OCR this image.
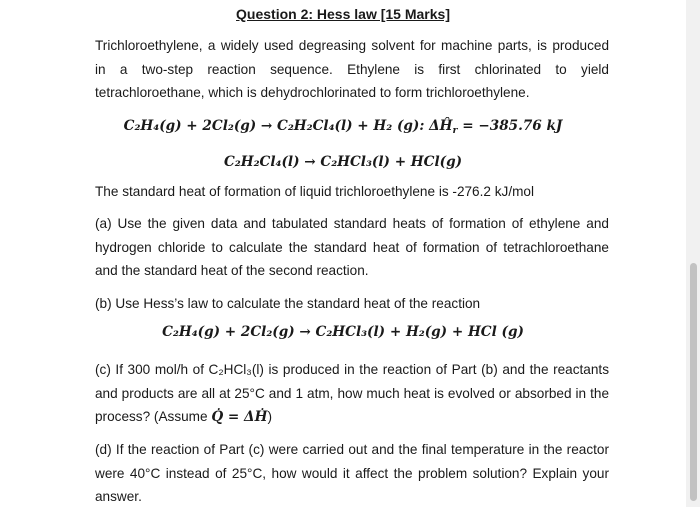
Question 2: Hess law [15 Marks]
Trichloroethylene, a widely used degreasing solvent for machine parts, is produced
in a two-step reaction sequence. Ethylene is first chlorinated to yield
tetrachloroethane, which is dehydrochlorinated to form trichloroethylene.
C₂H₄(g) + 2Cl₂(g) → C₂H₂Cl₄(l) + H₂ (g): $\Delta Ĥ_r = -385.76$ kJ
C₂H₂Cl₄(l) → C₂HCl₃(l) + HCl(g)
The standard heat of formation of liquid trichloroethylene is -276.2 kJ/mol
(a) Use the given data and tabulated standard heats of formation of ethylene and
hydrogen chloride to calculate the standard heat of formation of tetrachloroethane
and the standard heat of the second reaction.
(b) Use Hess’s law to calculate the standard heat of the reaction
C₂H₄(g) + 2Cl₂(g) → C₂HCl₃(l) + H₂(g) + HCl (g)
(c) If 300 mol/h of C₂HCl₃(l) is produced in the reaction of Part (b) and the reactants
and products are all at 25°C and 1 atm, how much heat is evolved or absorbed in the
process? (Assume Q̇ = ΔḢ)
(d) If the reaction of Part (c) were carried out and the final temperature in the reactor
were 40°C instead of 25°C, how would it affect the problem solution? Explain your
answer.
